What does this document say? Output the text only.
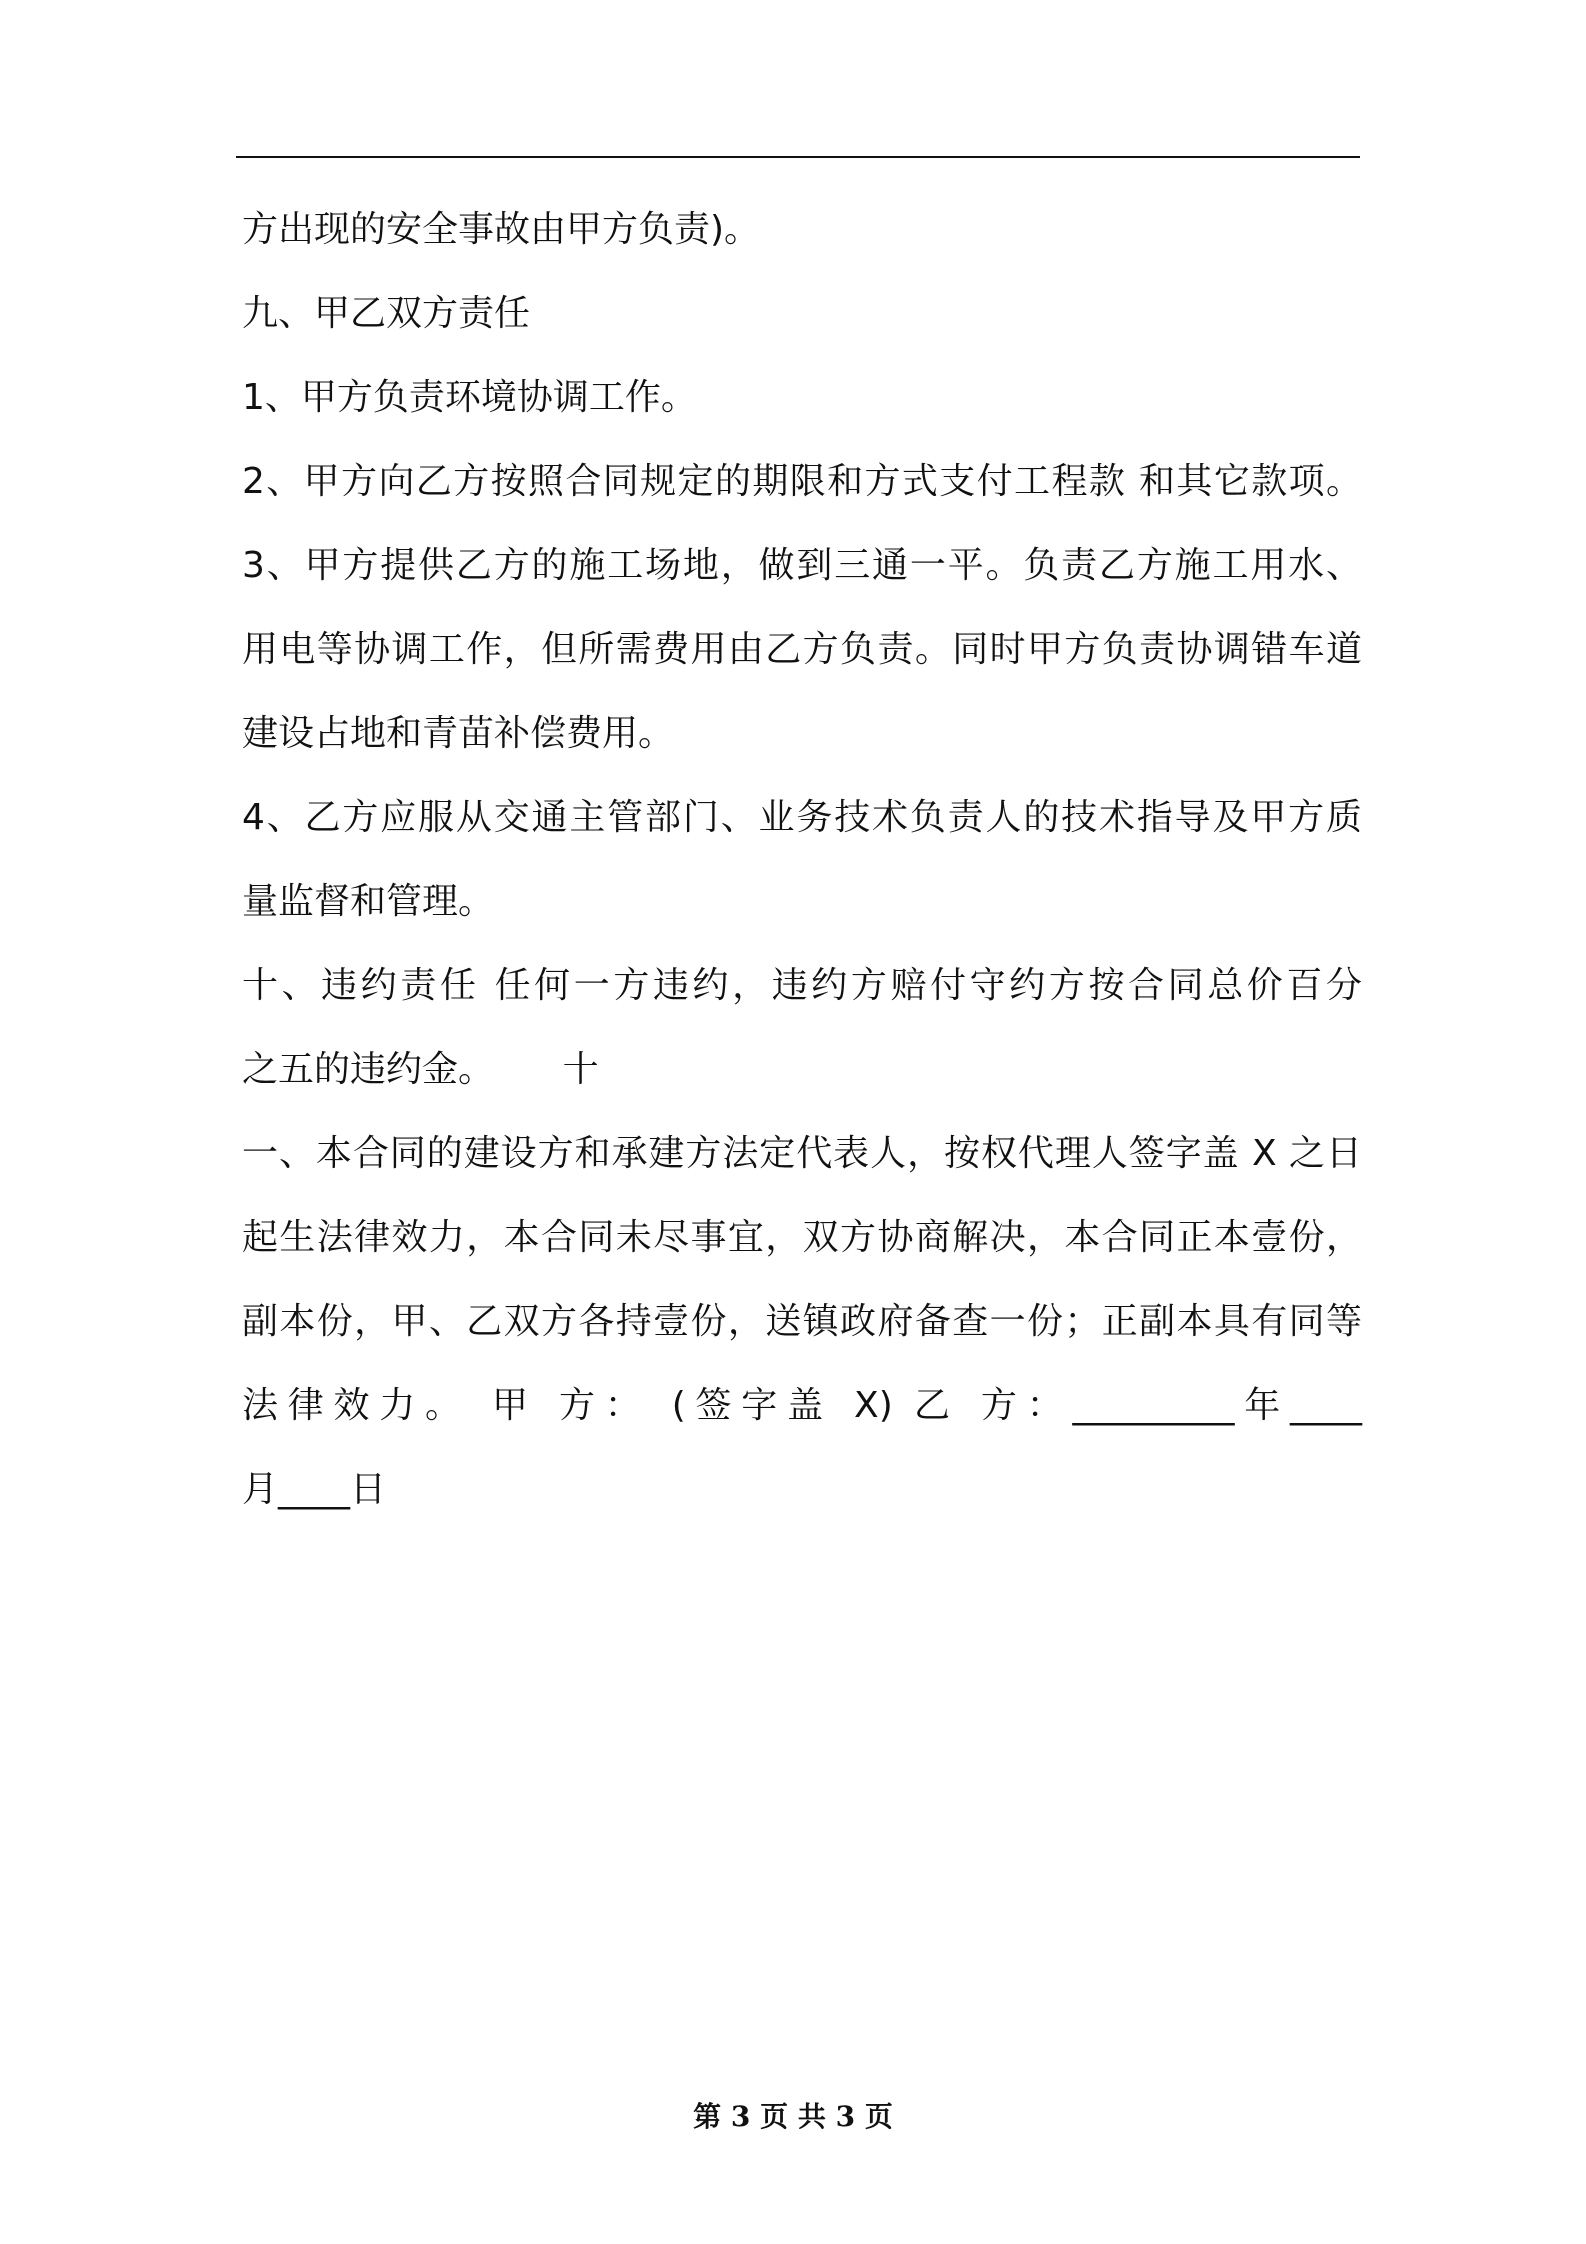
方出现的安全事故由甲方负责)。
九、甲乙双方责任
1、甲方负责环境协调工作。
2、甲方向乙方按照合同规定的期限和方式支付工程款 和其它款项。
3、甲方提供乙方的施工场地，做到三通一平。负责乙方施工用水、
用电等协调工作，但所需费用由乙方负责。同时甲方负责协调错车道
建设占地和青苗补偿费用。
4、乙方应服从交通主管部门、业务技术负责人的技术指导及甲方质
量监督和管理。
十、违约责任 任何一方违约，违约方赔付守约方按合同总价百分
之五的违约金。      十
一、本合同的建设方和承建方法定代表人，按权代理人签字盖 X 之日
起生法律效力，本合同未尽事宜，双方协商解决，本合同正本壹份，
副本份，甲、乙双方各持壹份，送镇政府备查一份；正副本具有同等
法律效力。 甲 方： (签字盖 X) 乙 方：_________年____
月____日
第 3 页 共 3 页
